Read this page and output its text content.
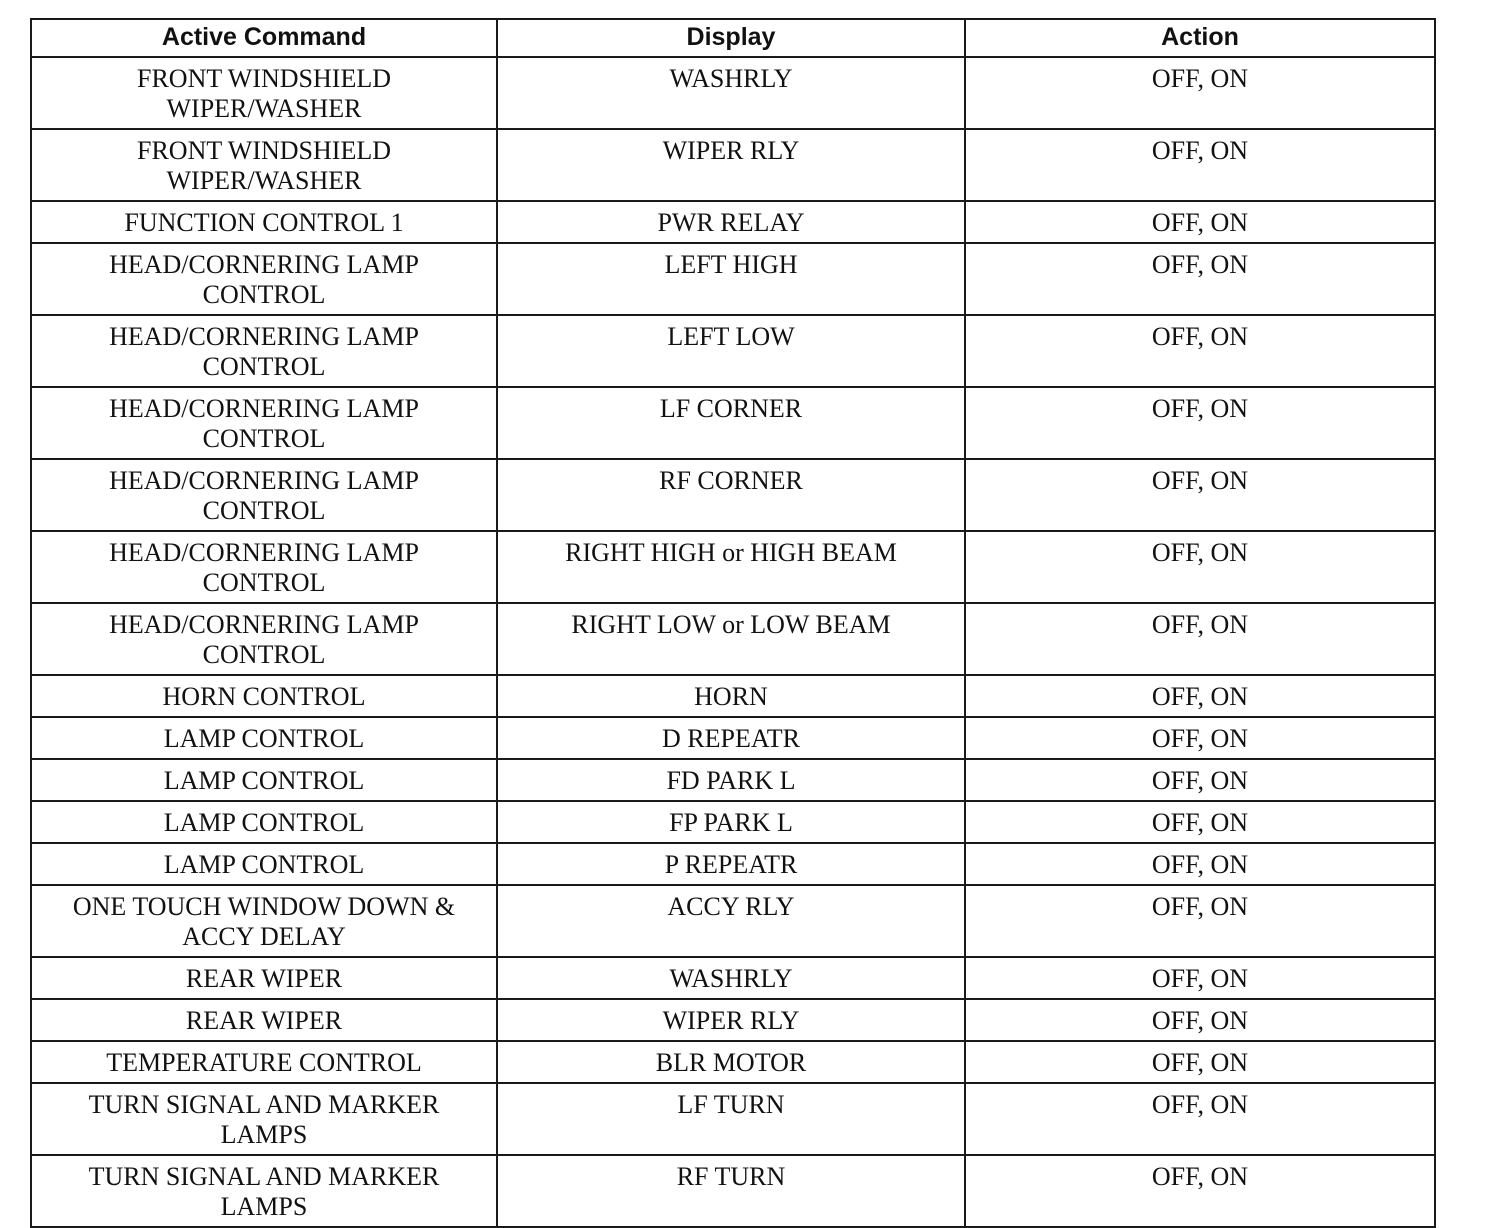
Active Command	Display	Action

FRONT WINDSHIELD
WIPER/WASHER	WASHRLY	OFF, ON

FRONT WINDSHIELD
WIPER/WASHER	WIPER RLY	OFF, ON

FUNCTION CONTROL 1	PWR RELAY	OFF, ON

HEAD/CORNERING LAMP
CONTROL	LEFT HIGH	OFF, ON

HEAD/CORNERING LAMP
CONTROL	LEFT LOW	OFF, ON

HEAD/CORNERING LAMP
CONTROL	LF CORNER	OFF, ON

HEAD/CORNERING LAMP
CONTROL	RF CORNER	OFF, ON

HEAD/CORNERING LAMP
CONTROL	RIGHT HIGH or HIGH BEAM	OFF, ON

HEAD/CORNERING LAMP
CONTROL	RIGHT LOW or LOW BEAM	OFF, ON

HORN CONTROL	HORN	OFF, ON

LAMP CONTROL	D REPEATR	OFF, ON

LAMP CONTROL	FD PARK L	OFF, ON

LAMP CONTROL	FP PARK L	OFF, ON

LAMP CONTROL	P REPEATR	OFF, ON

ONE TOUCH WINDOW DOWN &
ACCY DELAY	ACCY RLY	OFF, ON

REAR WIPER	WASHRLY	OFF, ON

REAR WIPER	WIPER RLY	OFF, ON

TEMPERATURE CONTROL	BLR MOTOR	OFF, ON

TURN SIGNAL AND MARKER
LAMPS	LF TURN	OFF, ON

TURN SIGNAL AND MARKER
LAMPS	RF TURN	OFF, ON
